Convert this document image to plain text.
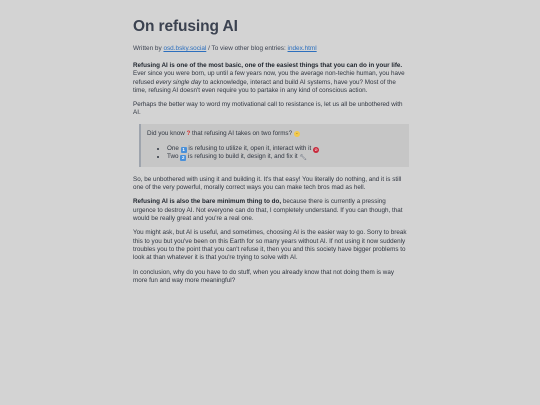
On refusing AI
Written by osd.bsky.social / To view other blog entries: index.html

Refusing AI is one of the most basic, one of the easiest things that you can do in your life. Ever since you were born, up until a few years now, you the average non-techie human, you have refused every single day to acknowledge, interact and build AI systems, have you? Most of the time, refusing AI doesn't even require you to partake in any kind of conscious action.

Perhaps the better way to word my motivational call to resistance is, let us all be unbothered with AI.

Did you know ? that refusing AI takes on two forms? ᵕ

• One 1 is refusing to utilize it, open it, interact with it ⊘
• Two 2 is refusing to build it, design it, and fix it 🔧︎

So, be unbothered with using it and building it. It's that easy! You literally do nothing, and it is still one of the very powerful, morally correct ways you can make tech bros mad as hell.

Refusing AI is also the bare minimum thing to do, because there is currently a pressing urgence to destroy AI. Not everyone can do that, I completely understand. If you can though, that would be really great and you're a real one.

You might ask, but AI is useful, and sometimes, choosing AI is the easier way to go. Sorry to break this to you but you've been on this Earth for so many years without AI. If not using it now suddenly troubles you to the point that you can't refuse it, then you and this society have bigger problems to look at than whatever it is that you're trying to solve with AI.

In conclusion, why do you have to do stuff, when you already know that not doing them is way more fun and way more meaningful?
